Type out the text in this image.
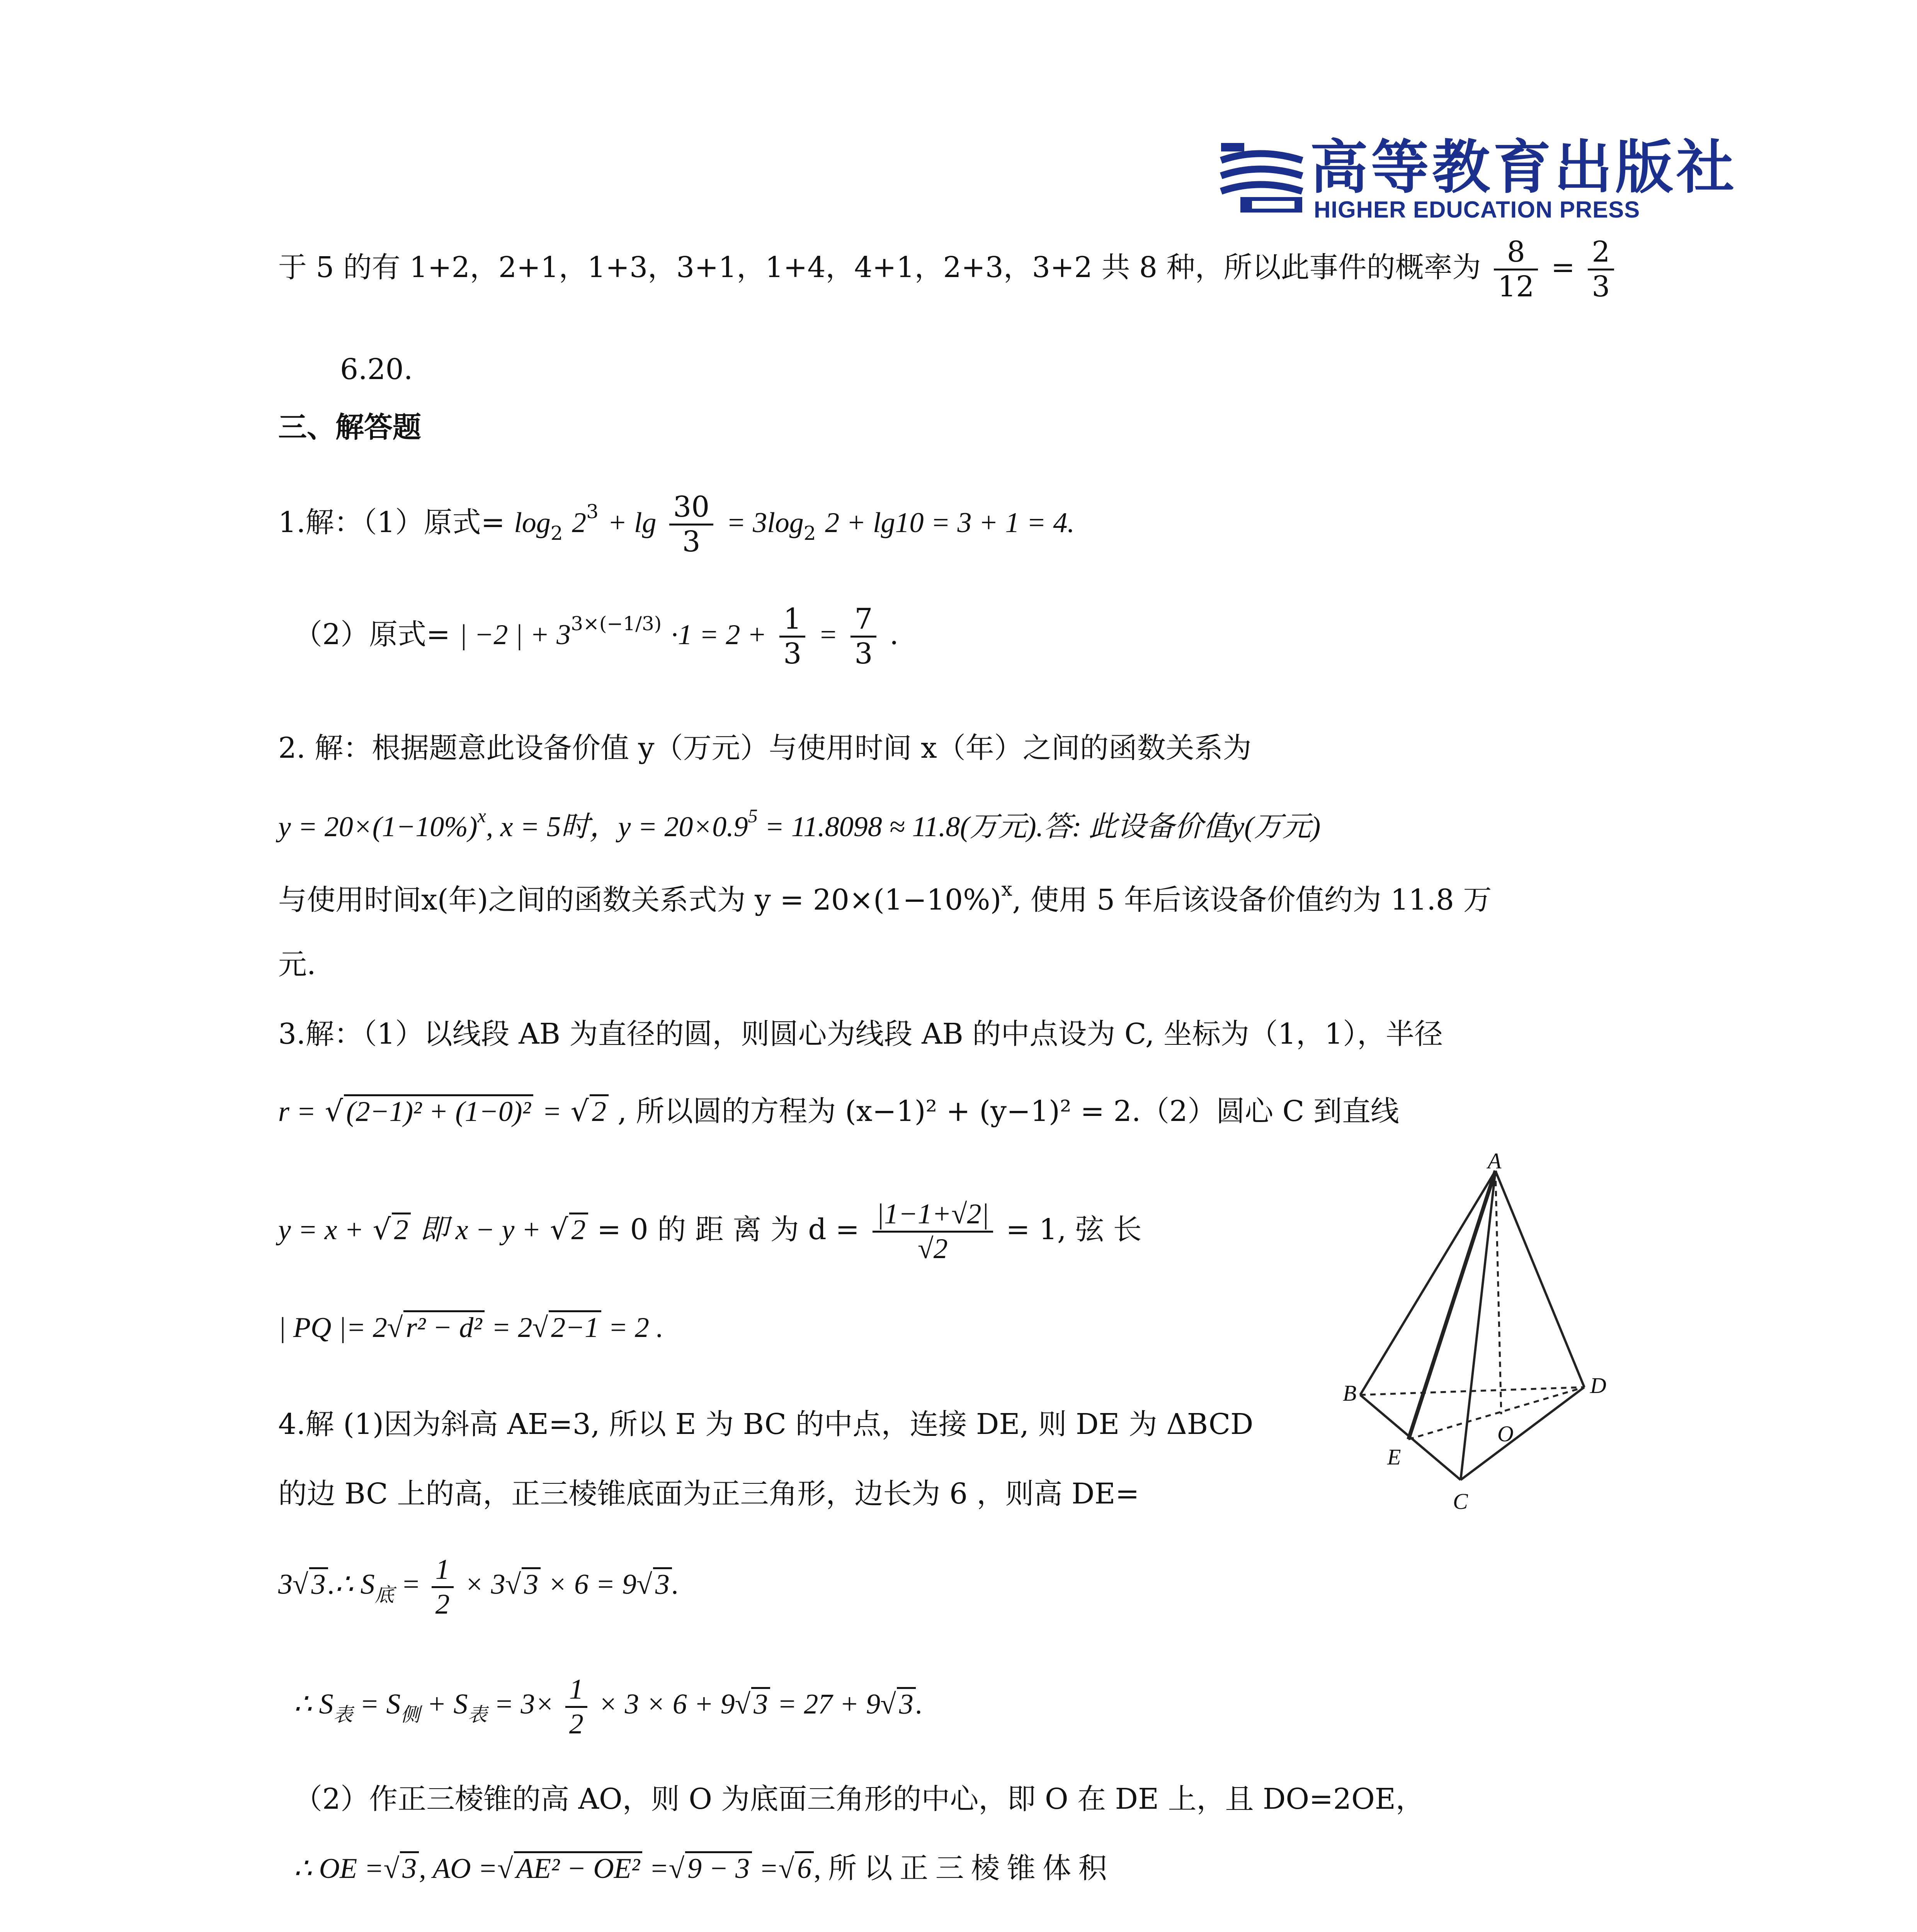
高等教育出版社
HIGHER EDUCATION PRESS
于 5 的有 1+2，2+1，1+3，3+1，1+4，4+1，2+3，3+2 共 8 种，所以此事件的概率为 $\frac{8}{12} = \frac{2}{3}$
6.20.
三、解答题
1.解：（1）原式= $\log_2 2^3 + \lg \frac{30}{3} = 3\log_2$ 2 + lg10 = 3 + 1 = 4.
（2）原式= | −2 | + $3^{3\times(-1/3)} \cdot 1 = 2 + \frac{1}{3} = \frac{7}{3}$ .
2. 解：根据题意此设备价值 y（万元）与使用时间 x（年）之间的函数关系为
$y = 20\times(1-10\%)^x$, x = 5时，$y = 20\times 0.9^5 = 11.8098 \approx 11.8$(万元).答: 此设备价值y(万元)
与使用时间x(年)之间的函数关系式为 $y = 20\times(1-10\%)^x$, 使用 5 年后该设备价值约为 11.8 万
元.
3.解：（1）以线段 AB 为直径的圆，则圆心为线段 AB 的中点设为 C, 坐标为（1，1），半径
r = √ (2−1)² + (1−0)² = √ 2 , 所以圆的方程为 (x−1)² + (y−1)² = 2.（2）圆心 C 到直线
y = x + √ 2 即 x − y + √ 2 = 0 的 距 离 为 $d = \frac{|1-1+√2|}{√2} = 1$, 弦 长
| PQ |= 2√ r² − d² = 2√ 2−1 = 2 .
4.解 (1)因为斜高 AE=3, 所以 E 为 BC 的中点，连接 DE, 则 DE 为 ΔBCD
的边 BC 上的高，正三棱锥底面为正三角形，边长为 6 ，则高 DE=
3√ 3.∴ $S_底 = \frac{1}{2} \times 3√$ 3 × 6 = 9√ 3.
∴ $S_表 = S_侧 + S_表 = 3\times \frac{1}{2} \times 3 \times 6 + 9√$ 3 = 27 + 9√ 3.
（2）作正三棱锥的高 AO，则 O 为底面三角形的中心，即 O 在 DE 上，且 DO=2OE，
∴ OE =√ 3, AO =√ AE² − OE² =√ 9 − 3 =√ 6, 所 以 正 三 棱 锥 体 积

A
B
C
D
E
O
